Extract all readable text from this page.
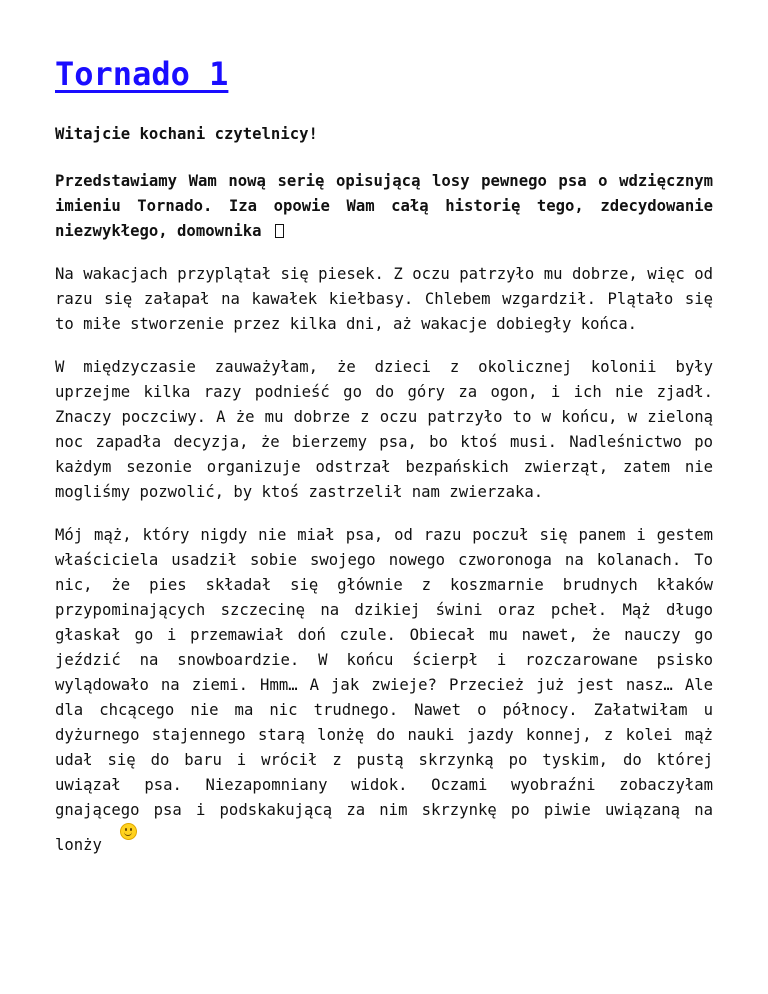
Tornado 1

Witajcie kochani czytelnicy!

Przedstawiamy Wam nową serię opisującą losy pewnego psa o wdzięcznym imieniu Tornado. Iza opowie Wam całą historię tego, zdecydowanie niezwykłego, domownika

Na wakacjach przyplątał się piesek. Z oczu patrzyło mu dobrze, więc od razu się załapał na kawałek kiełbasy. Chlebem wzgardził. Plątało się to miłe stworzenie przez kilka dni, aż wakacje dobiegły końca.

W międzyczasie zauważyłam, że dzieci z okolicznej kolonii były uprzejme kilka razy podnieść go do góry za ogon, i ich nie zjadł. Znaczy poczciwy. A że mu dobrze z oczu patrzyło to w końcu, w zieloną noc zapadła decyzja, że bierzemy psa, bo ktoś musi. Nadleśnictwo po każdym sezonie organizuje odstrzał bezpańskich zwierząt, zatem nie mogliśmy pozwolić, by ktoś zastrzelił nam zwierzaka.

Mój mąż, który nigdy nie miał psa, od razu poczuł się panem i gestem właściciela usadził sobie swojego nowego czworonoga na kolanach. To nic, że pies składał się głównie z koszmarnie brudnych kłaków przypominających szczecinę na dzikiej świni oraz pcheł. Mąż długo głaskał go i przemawiał doń czule. Obiecał mu nawet, że nauczy go jeździć na snowboardzie. W końcu ścierpł i rozczarowane psisko wylądowało na ziemi. Hmm… A jak zwieje? Przecież już jest nasz… Ale dla chcącego nie ma nic trudnego. Nawet o północy. Załatwiłam u dyżurnego stajennego starą lonżę do nauki jazdy konnej, z kolei mąż udał się do baru i wrócił z pustą skrzynką po tyskim, do której uwiązał psa. Niezapomniany widok. Oczami wyobraźni zobaczyłam gnającego psa i podskakującą za nim skrzynkę po piwie uwiązaną na lonży
